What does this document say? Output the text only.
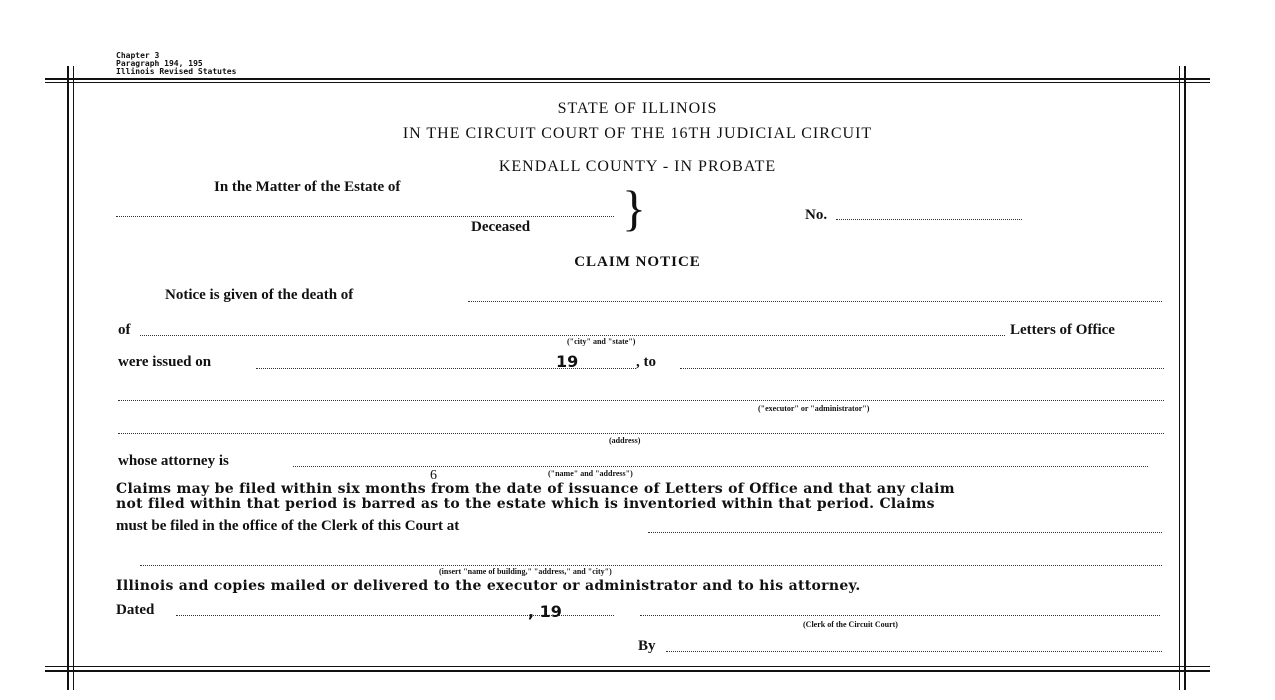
Chapter 3
Paragraph 194, 195
Illinois Revised Statutes
STATE OF ILLINOIS
IN THE CIRCUIT COURT OF THE 16TH JUDICIAL CIRCUIT
KENDALL COUNTY - IN PROBATE
In the Matter of the Estate of
Deceased }	No.
CLAIM NOTICE
Notice is given of the death of
of	Letters of Office
("city" and "state")
were issued on	19	, to
("executor" or "administrator")
(address)
whose attorney is
("name" and "address")
6
Claims may be filed within six months from the date of issuance of Letters of Office and that any claim
not filed within that period is barred as to the estate which is inventoried within that period. Claims
must be filed in the office of the Clerk of this Court at
(insert "name of building," "address," and "city")
Illinois and copies mailed or delivered to the executor or administrator and to his attorney.
Dated	, 19
(Clerk of the Circuit Court)
By
